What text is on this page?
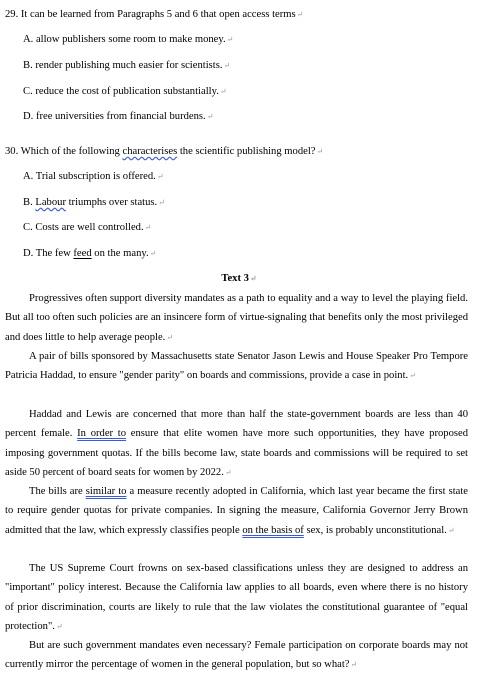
29. It can be learned from Paragraphs 5 and 6 that open access terms↵
A. allow publishers some room to make money.↵
B. render publishing much easier for scientists.↵
C. reduce the cost of publication substantially.↵
D. free universities from financial burdens.↵
30. Which of the following characterises the scientific publishing model?↵
A. Trial subscription is offered.↵
B. Labour triumphs over status.↵
C. Costs are well controlled.↵
D. The few feed on the many.↵
Text 3↵
Progressives often support diversity mandates as a path to equality and a way to level the playing field. But all too often such policies are an insincere form of virtue-signaling that benefits only the most privileged and does little to help average people.↵
A pair of bills sponsored by Massachusetts state Senator Jason Lewis and House Speaker Pro Tempore Patricia Haddad, to ensure "gender parity" on boards and commissions, provide a case in point.↵
Haddad and Lewis are concerned that more than half the state-government boards are less than 40 percent female. In order to ensure that elite women have more such opportunities, they have proposed imposing government quotas. If the bills become law, state boards and commissions will be required to set aside 50 percent of board seats for women by 2022.↵
The bills are similar to a measure recently adopted in California, which last year became the first state to require gender quotas for private companies. In signing the measure, California Governor Jerry Brown admitted that the law, which expressly classifies people on the basis of sex, is probably unconstitutional.↵
The US Supreme Court frowns on sex-based classifications unless they are designed to address an "important" policy interest. Because the California law applies to all boards, even where there is no history of prior discrimination, courts are likely to rule that the law violates the constitutional guarantee of "equal protection".↵
But are such government mandates even necessary? Female participation on corporate boards may not currently mirror the percentage of women in the general population, but so what?↵
